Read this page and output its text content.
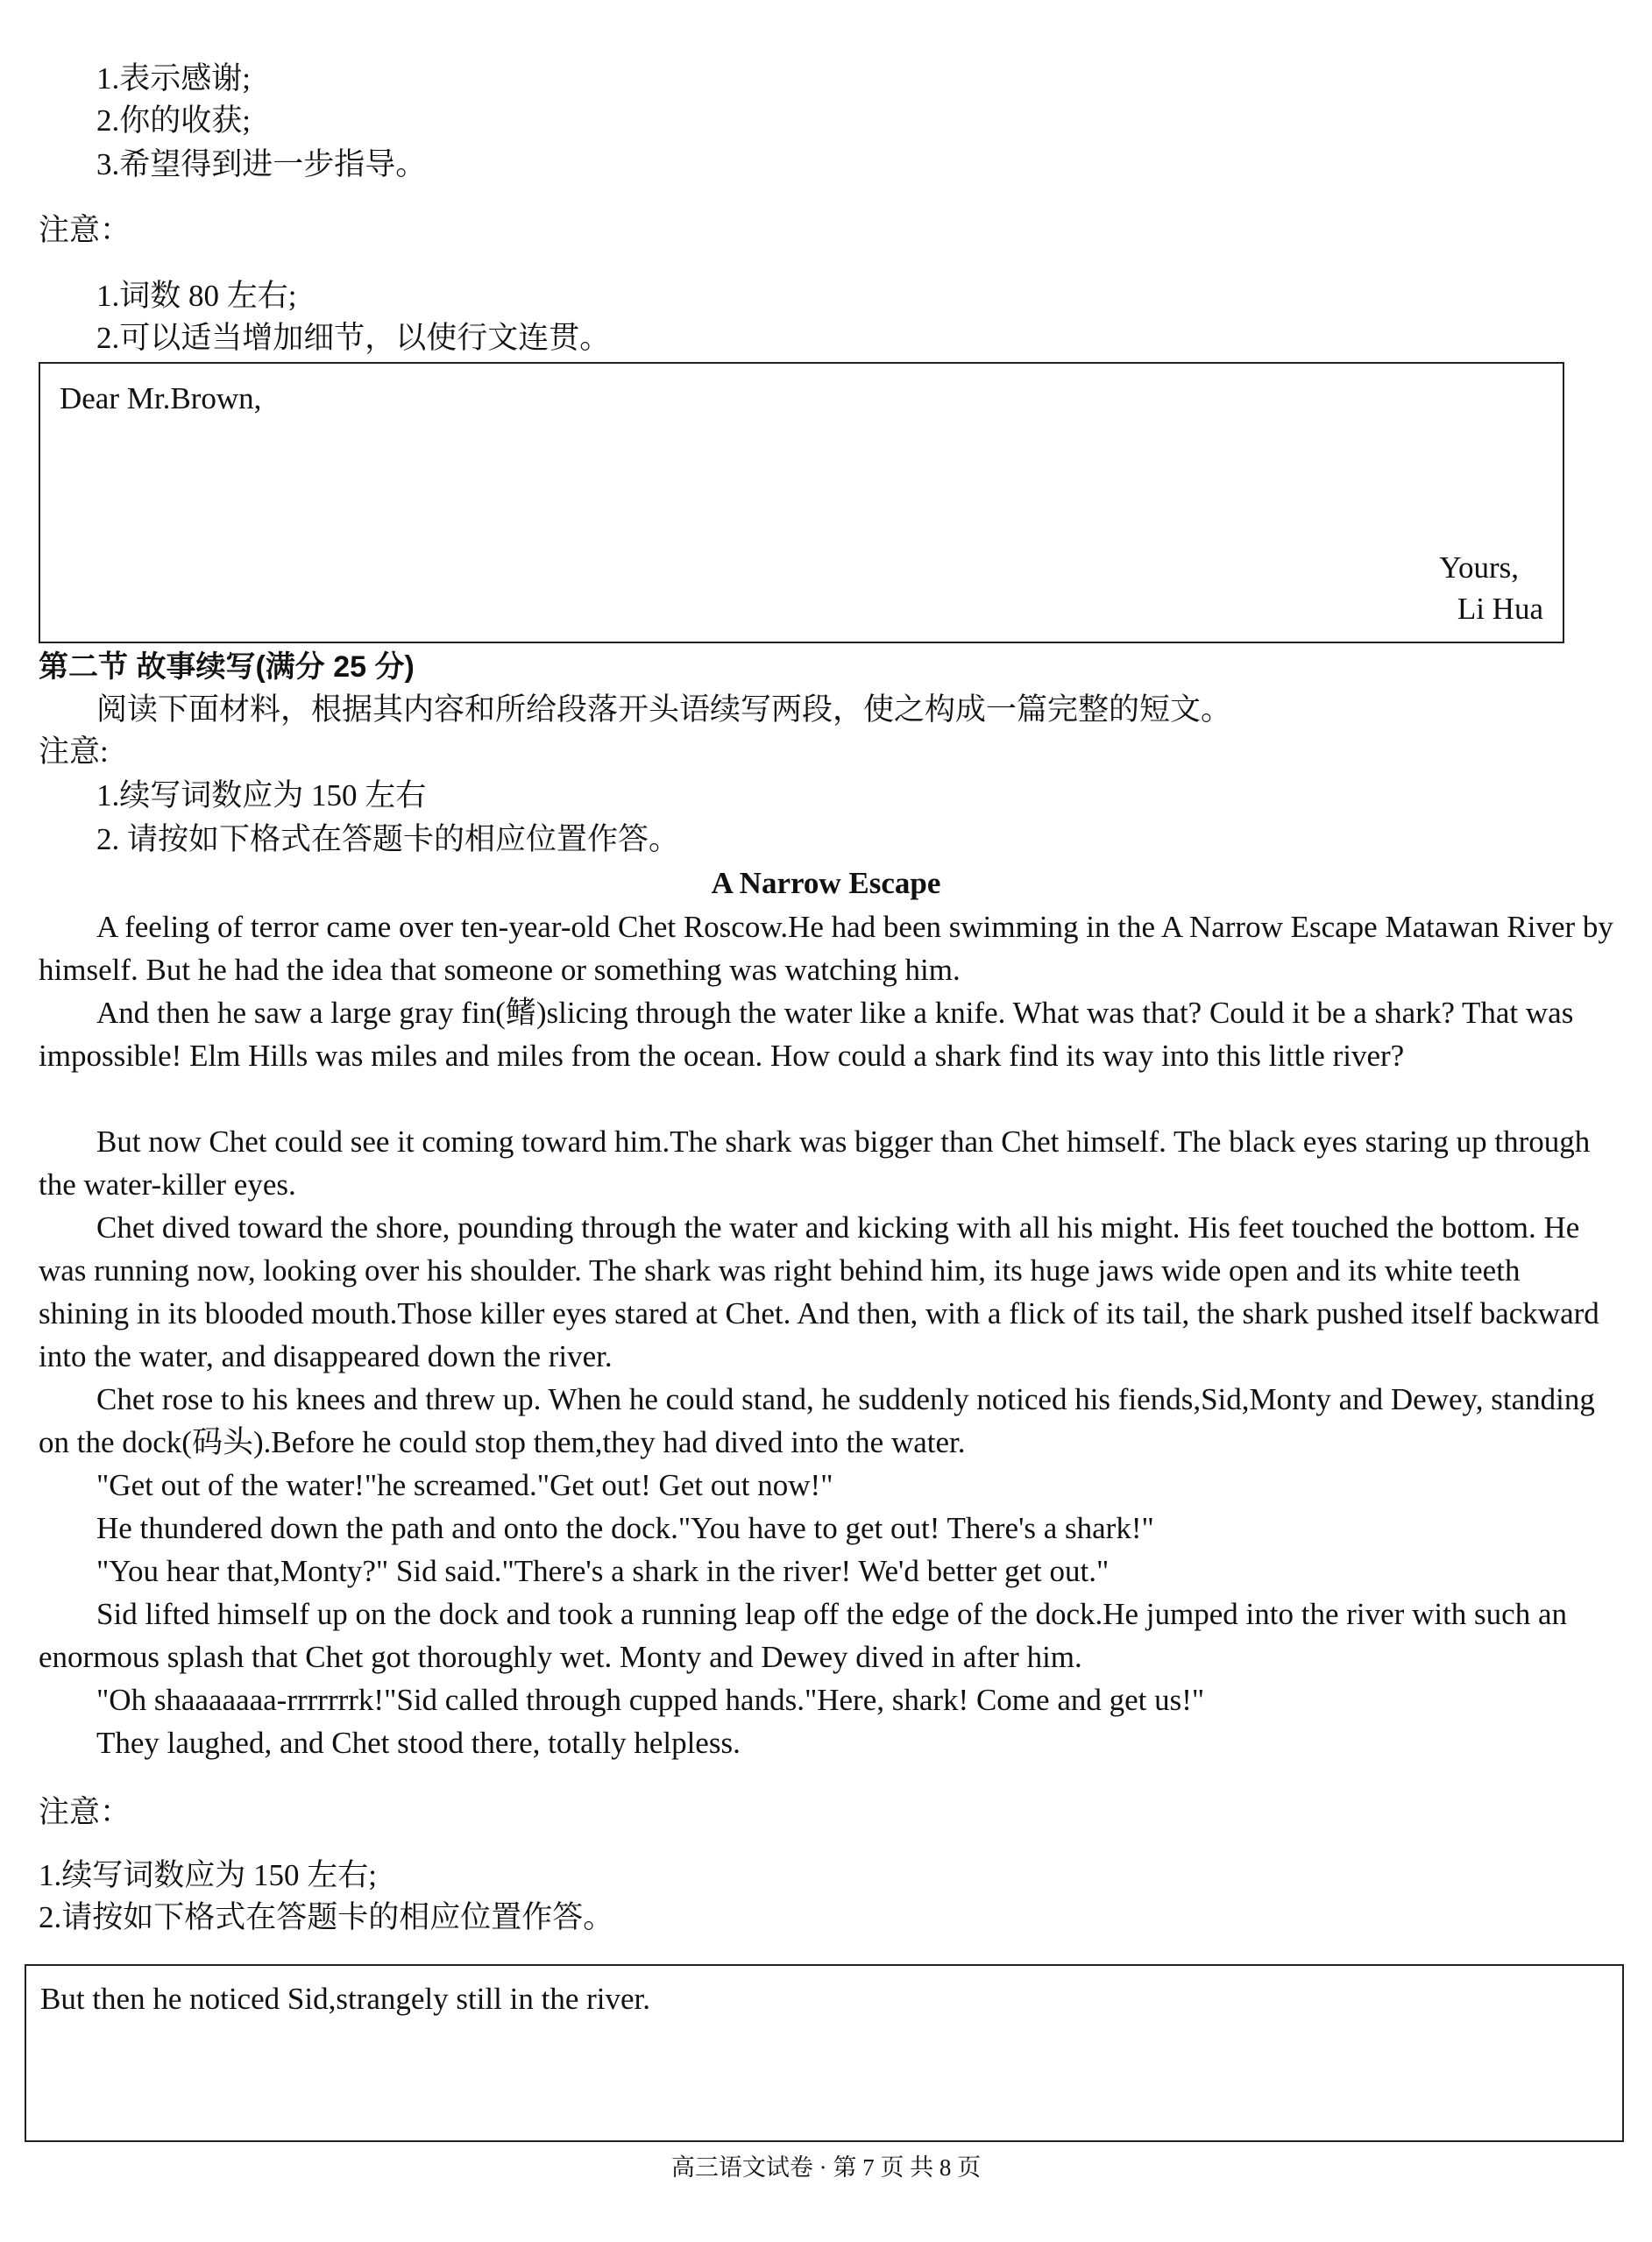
1.表示感谢;
2.你的收获;
3.希望得到进一步指导。
注意：
1.词数 80 左右;
2.可以适当增加细节，以使行文连贯。
Dear Mr.Brown,
Yours,
Li Hua
第二节 故事续写(满分 25 分)
阅读下面材料，根据其内容和所给段落开头语续写两段，使之构成一篇完整的短文。
注意:
1.续写词数应为 150 左右
2. 请按如下格式在答题卡的相应位置作答。
A Narrow Escape
A feeling of terror came over ten-year-old Chet Roscow.He had been swimming in the A Narrow Escape Matawan River by himself. But he had the idea that someone or something was watching him.
And then he saw a large gray fin(鳍)slicing through the water like a knife. What was that? Could it be a shark? That was impossible! Elm Hills was miles and miles from the ocean. How could a shark find its way into this little river?
But now Chet could see it coming toward him.The shark was bigger than Chet himself. The black eyes staring up through the water-killer eyes.
Chet dived toward the shore, pounding through the water and kicking with all his might. His feet touched the bottom. He was running now, looking over his shoulder. The shark was right behind him, its huge jaws wide open and its white teeth shining in its blooded mouth.Those killer eyes stared at Chet. And then, with a flick of its tail, the shark pushed itself backward into the water, and disappeared down the river.
Chet rose to his knees and threw up. When he could stand, he suddenly noticed his fiends,Sid,Monty and Dewey, standing on the dock(码头).Before he could stop them,they had dived into the water.
"Get out of the water!"he screamed."Get out! Get out now!"
He thundered down the path and onto the dock."You have to get out! There's a shark!"
"You hear that,Monty?" Sid said."There's a shark in the river! We'd better get out."
Sid lifted himself up on the dock and took a running leap off the edge of the dock.He jumped into the river with such an enormous splash that Chet got thoroughly wet. Monty and Dewey dived in after him.
"Oh shaaaaaaa-rrrrrrrk!"Sid called through cupped hands."Here, shark! Come and get us!"
They laughed, and Chet stood there, totally helpless.
注意：
1.续写词数应为 150 左右;
2.请按如下格式在答题卡的相应位置作答。
But then he noticed Sid,strangely still in the river.
高三语文试卷 · 第 7 页 共 8 页
